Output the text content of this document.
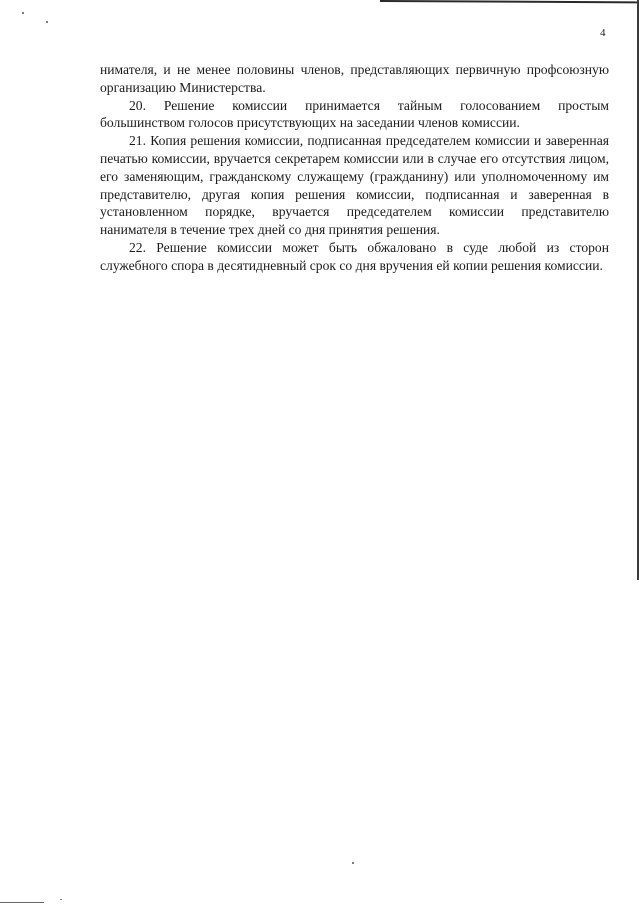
4

нимателя, и не менее половины членов, представляющих первичную профсоюзную организацию Министерства.

20. Решение комиссии принимается тайным голосованием простым большинством голосов присутствующих на заседании членов комиссии.

21. Копия решения комиссии, подписанная председателем комиссии и заверенная печатью комиссии, вручается секретарем комиссии или в случае его отсутствия лицом, его заменяющим, гражданскому служащему (гражданину) или уполномоченному им представителю, другая копия решения комиссии, подписанная и заверенная в установленном порядке, вручается председателем комиссии представителю нанимателя в течение трех дней со дня принятия решения.

22. Решение комиссии может быть обжаловано в суде любой из сторон служебного спора в десятидневный срок со дня вручения ей копии решения комиссии.
